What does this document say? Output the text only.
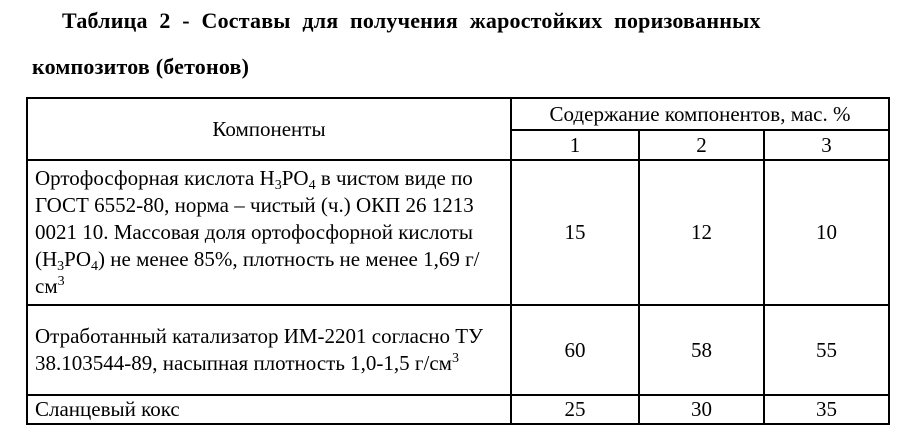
Таблица 2 - Составы для получения жаростойких поризованных
композитов (бетонов)
Компоненты	Содержание компонентов, мас. %		
	1	2	3
Ортофосфорная кислота $H_3PO_4$ в чистом виде по ГОСТ 6552-80, норма – чистый (ч.) ОКП 26 1213 0021 10. Массовая доля ортофосфорной кислоты $(H_3PO_4)$ не менее 85%, плотность не менее 1,69 $г/см^3$	15	12	10
Отработанный катализатор ИМ-2201 согласно ТУ 38.103544-89, насыпная плотность 1,0-1,5 $г/см^3$	60	58	55
Сланцевый кокс	25	30	35
